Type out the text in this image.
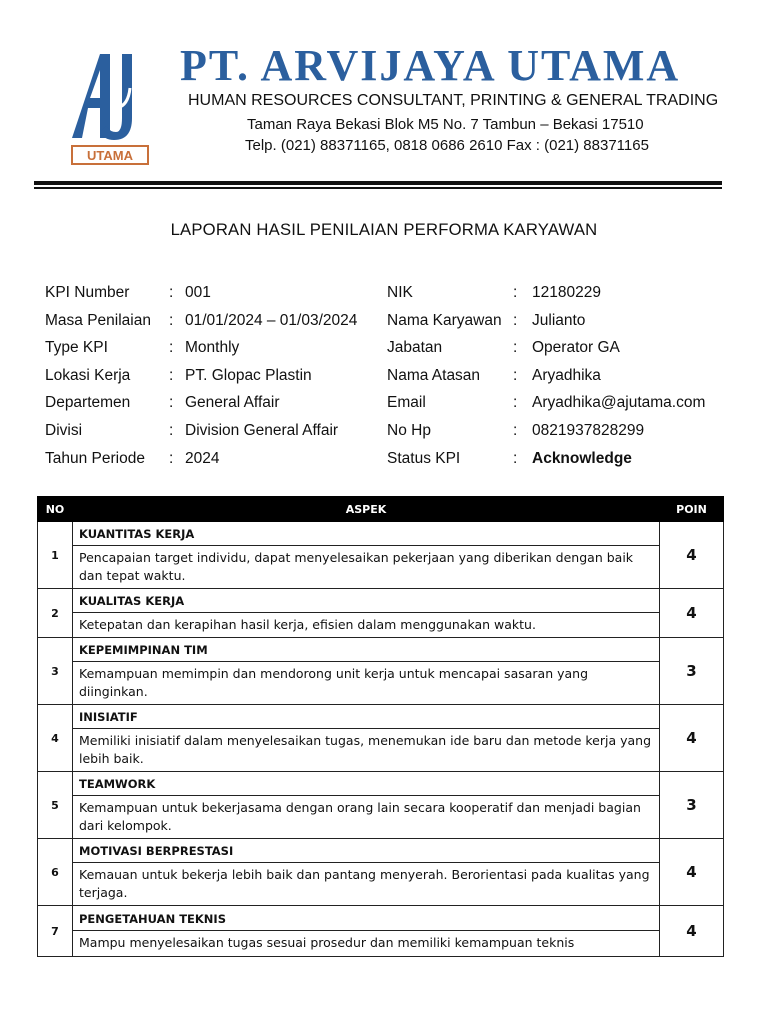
UTAMA
PT. ARVIJAYA UTAMA
HUMAN RESOURCES CONSULTANT, PRINTING & GENERAL TRADING
Taman Raya Bekasi Blok M5 No. 7 Tambun – Bekasi 17510
Telp. (021) 88371165, 0818 0686 2610 Fax : (021) 88371165
LAPORAN HASIL PENILAIAN PERFORMA KARYAWAN
KPI Number	: 001
Masa Penilaian : 01/01/2024 – 01/03/2024
Type KPI	: Monthly
Lokasi Kerja : PT. Glopac Plastin
Departemen : General Affair
Divisi	: Division General Affair
Tahun Periode : 2024
NIK	: 12180229
Nama Karyawan : Julianto
Jabatan	: Operator GA
Nama Atasan : Aryadhika
Email	: Aryadhika@ajutama.com
No Hp	: 0821937828299
Status KPI	: Acknowledge
NO	ASPEK	POIN
1	KUANTITAS KERJA
Pencapaian target individu, dapat menyelesaikan pekerjaan yang diberikan dengan baik dan tepat waktu.	4
2	KUALITAS KERJA
Ketepatan dan kerapihan hasil kerja, efisien dalam menggunakan waktu.	4
3	KEPEMIMPINAN TIM
Kemampuan memimpin dan mendorong unit kerja untuk mencapai sasaran yang diinginkan.	3
4	INISIATIF
Memiliki inisiatif dalam menyelesaikan tugas, menemukan ide baru dan metode kerja yang lebih baik.	4
5	TEAMWORK
Kemampuan untuk bekerjasama dengan orang lain secara kooperatif dan menjadi bagian dari kelompok.	3
6	MOTIVASI BERPRESTASI
Kemauan untuk bekerja lebih baik dan pantang menyerah. Berorientasi pada kualitas yang terjaga.	4
7	PENGETAHUAN TEKNIS
Mampu menyelesaikan tugas sesuai prosedur dan memiliki kemampuan teknis	4
